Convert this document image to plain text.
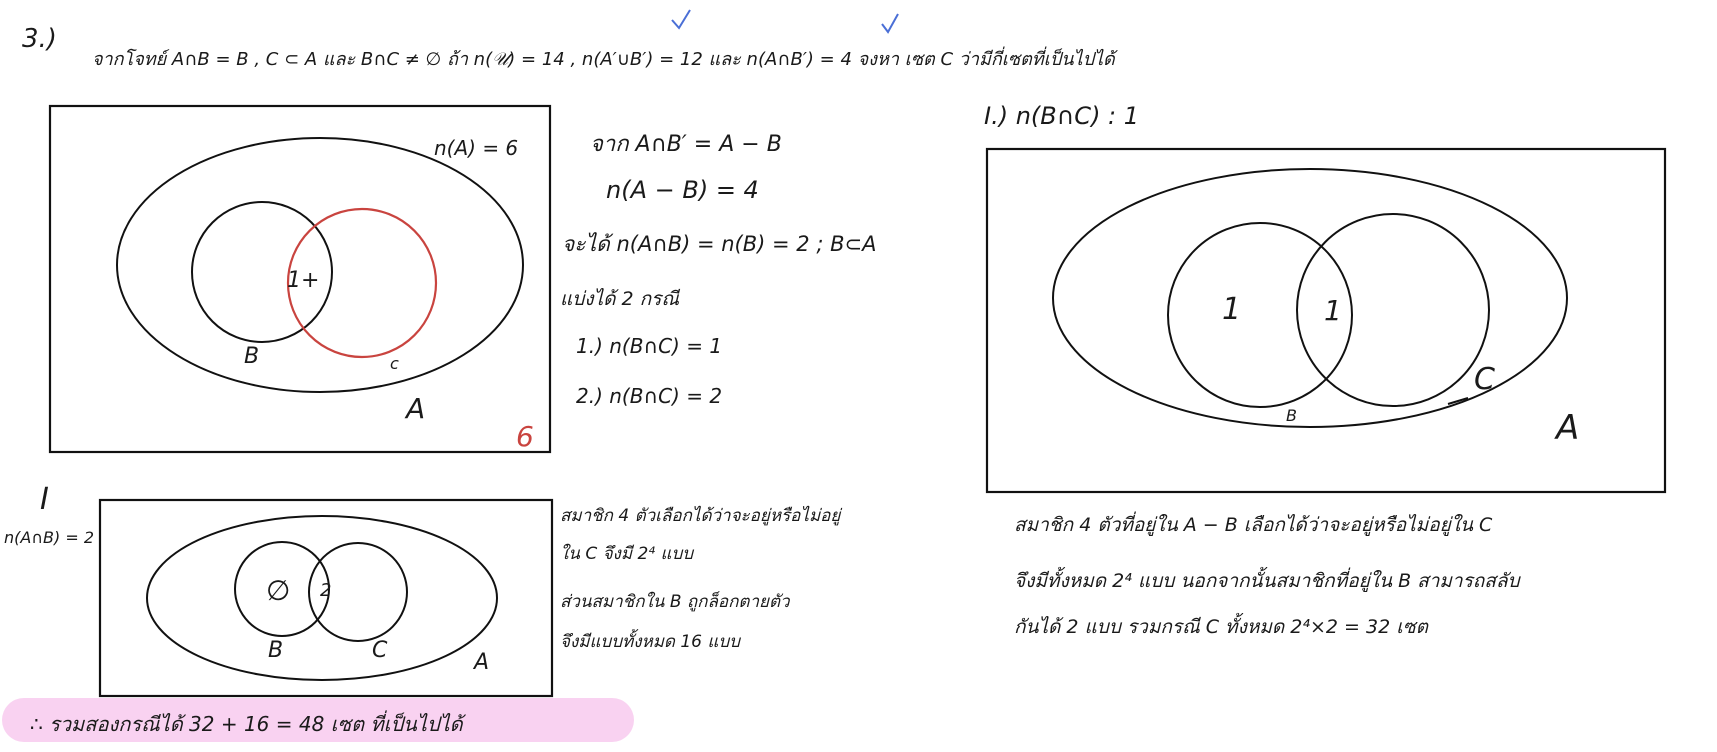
3.)
จากโจทย์ A∩B = B , C ⊂ A และ B∩C ≠ ∅ ถ้า n(𝒰) = 14 , n(A′∪B′) = 12 และ n(A∩B′) = 4 จงหา เซต C ว่ามีกี่เซตที่เป็นไปได้
n(A) = 6
1+
B	c
A
6
จาก A∩B′ = A − B
n(A − B) = 4
จะได้ n(A∩B) = n(B) = 2 ; B⊂A
แบ่งได้ 2 กรณี
1.) n(B∩C) = 1
2.) n(B∩C) = 2
I
n(A∩B) = 2
∅ 2
B	C	A
สมาชิก 4 ตัวเลือกได้ว่าจะอยู่หรือไม่อยู่
ใน C จึงมี 2⁴ แบบ
ส่วนสมาชิกใน B ถูกล็อกตายตัว
จึงมีแบบทั้งหมด 16 แบบ
I.) n(B∩C) : 1
1	1
B
C
A
สมาชิก 4 ตัวที่อยู่ใน A − B เลือกได้ว่าจะอยู่หรือไม่อยู่ใน C
จึงมีทั้งหมด 2⁴ แบบ นอกจากนั้นสมาชิกที่อยู่ใน B สามารถสลับ
กันได้ 2 แบบ รวมกรณี C ทั้งหมด 2⁴×2 = 32 เซต
∴ รวมสองกรณีได้ 32 + 16 = 48 เซต ที่เป็นไปได้
